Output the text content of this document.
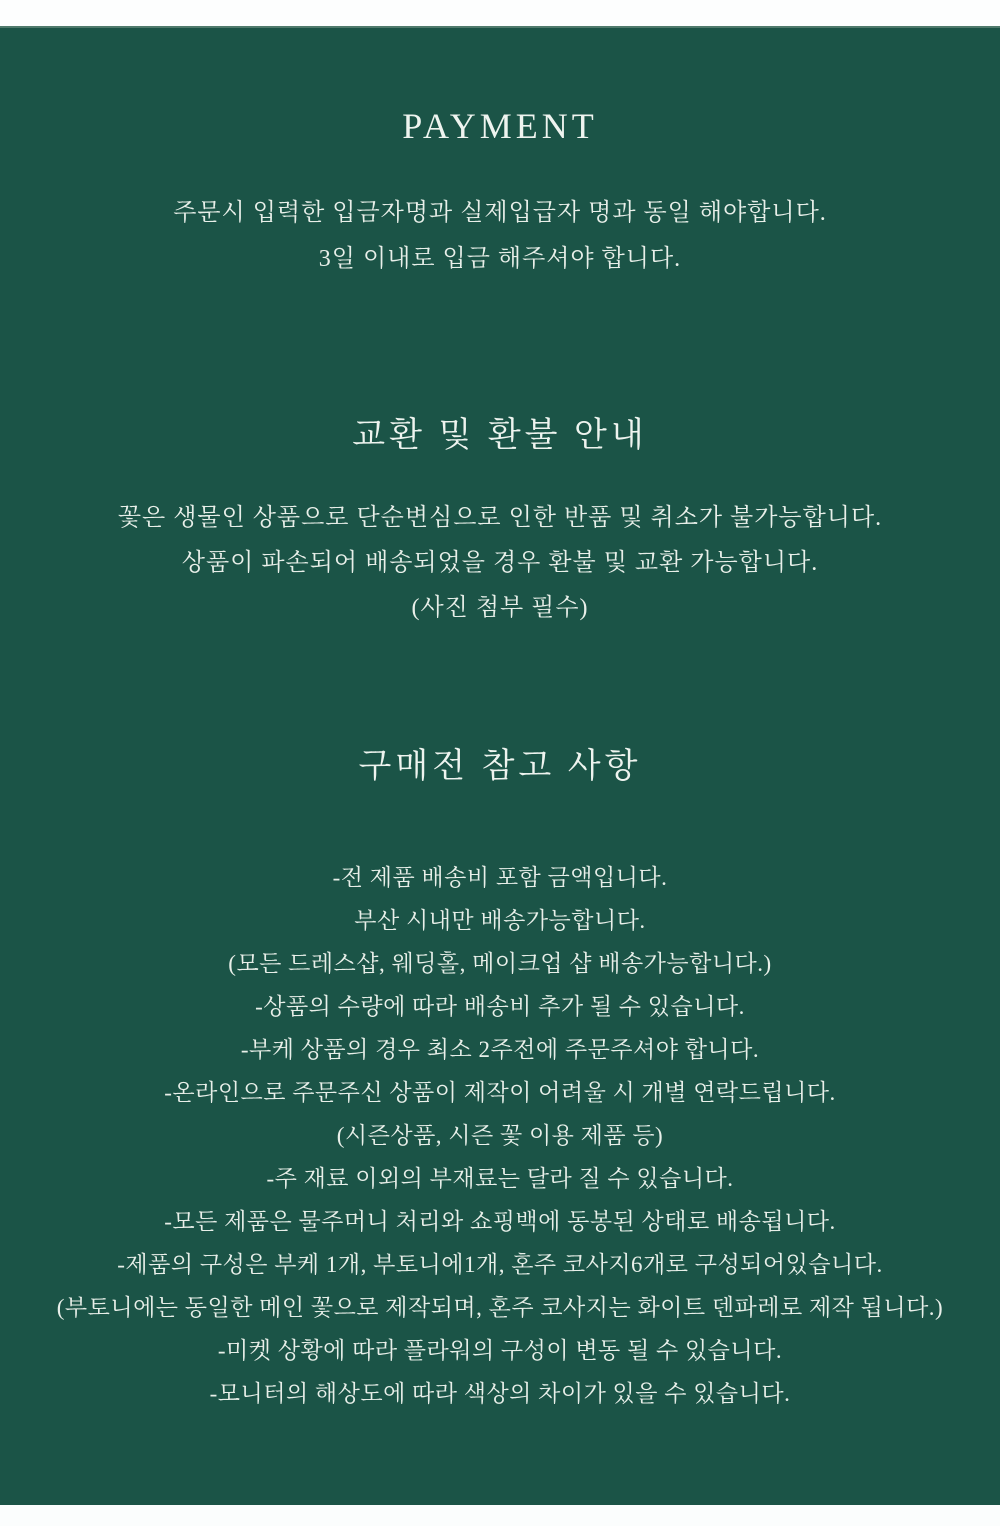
PAYMENT

주문시 입력한 입금자명과 실제입급자 명과 동일 해야합니다.

3일 이내로 입금 해주셔야 합니다.

교환 및 환불 안내

꽃은 생물인 상품으로 단순변심으로 인한 반품 및 취소가 불가능합니다.

상품이 파손되어 배송되었을 경우 환불 및 교환 가능합니다.

(사진 첨부 필수)

구매전 참고 사항

-전 제품 배송비 포함 금액입니다.

부산 시내만 배송가능합니다.

(모든 드레스샵, 웨딩홀, 메이크업 샵 배송가능합니다.)

-상품의 수량에 따라 배송비 추가 될 수 있습니다.

-부케 상품의 경우 최소 2주전에 주문주셔야 합니다.

-온라인으로 주문주신 상품이 제작이 어려울 시 개별 연락드립니다.

(시즌상품, 시즌 꽃 이용 제품 등)

-주 재료 이외의 부재료는 달라 질 수 있습니다.

-모든 제품은 물주머니 처리와 쇼핑백에 동봉된 상태로 배송됩니다.

-제품의 구성은 부케 1개, 부토니에1개, 혼주 코사지6개로 구성되어있습니다.

(부토니에는 동일한 메인 꽃으로 제작되며, 혼주 코사지는 화이트 덴파레로 제작 됩니다.)

-미켓 상황에 따라 플라워의 구성이 변동 될 수 있습니다.

-모니터의 해상도에 따라 색상의 차이가 있을 수 있습니다.
